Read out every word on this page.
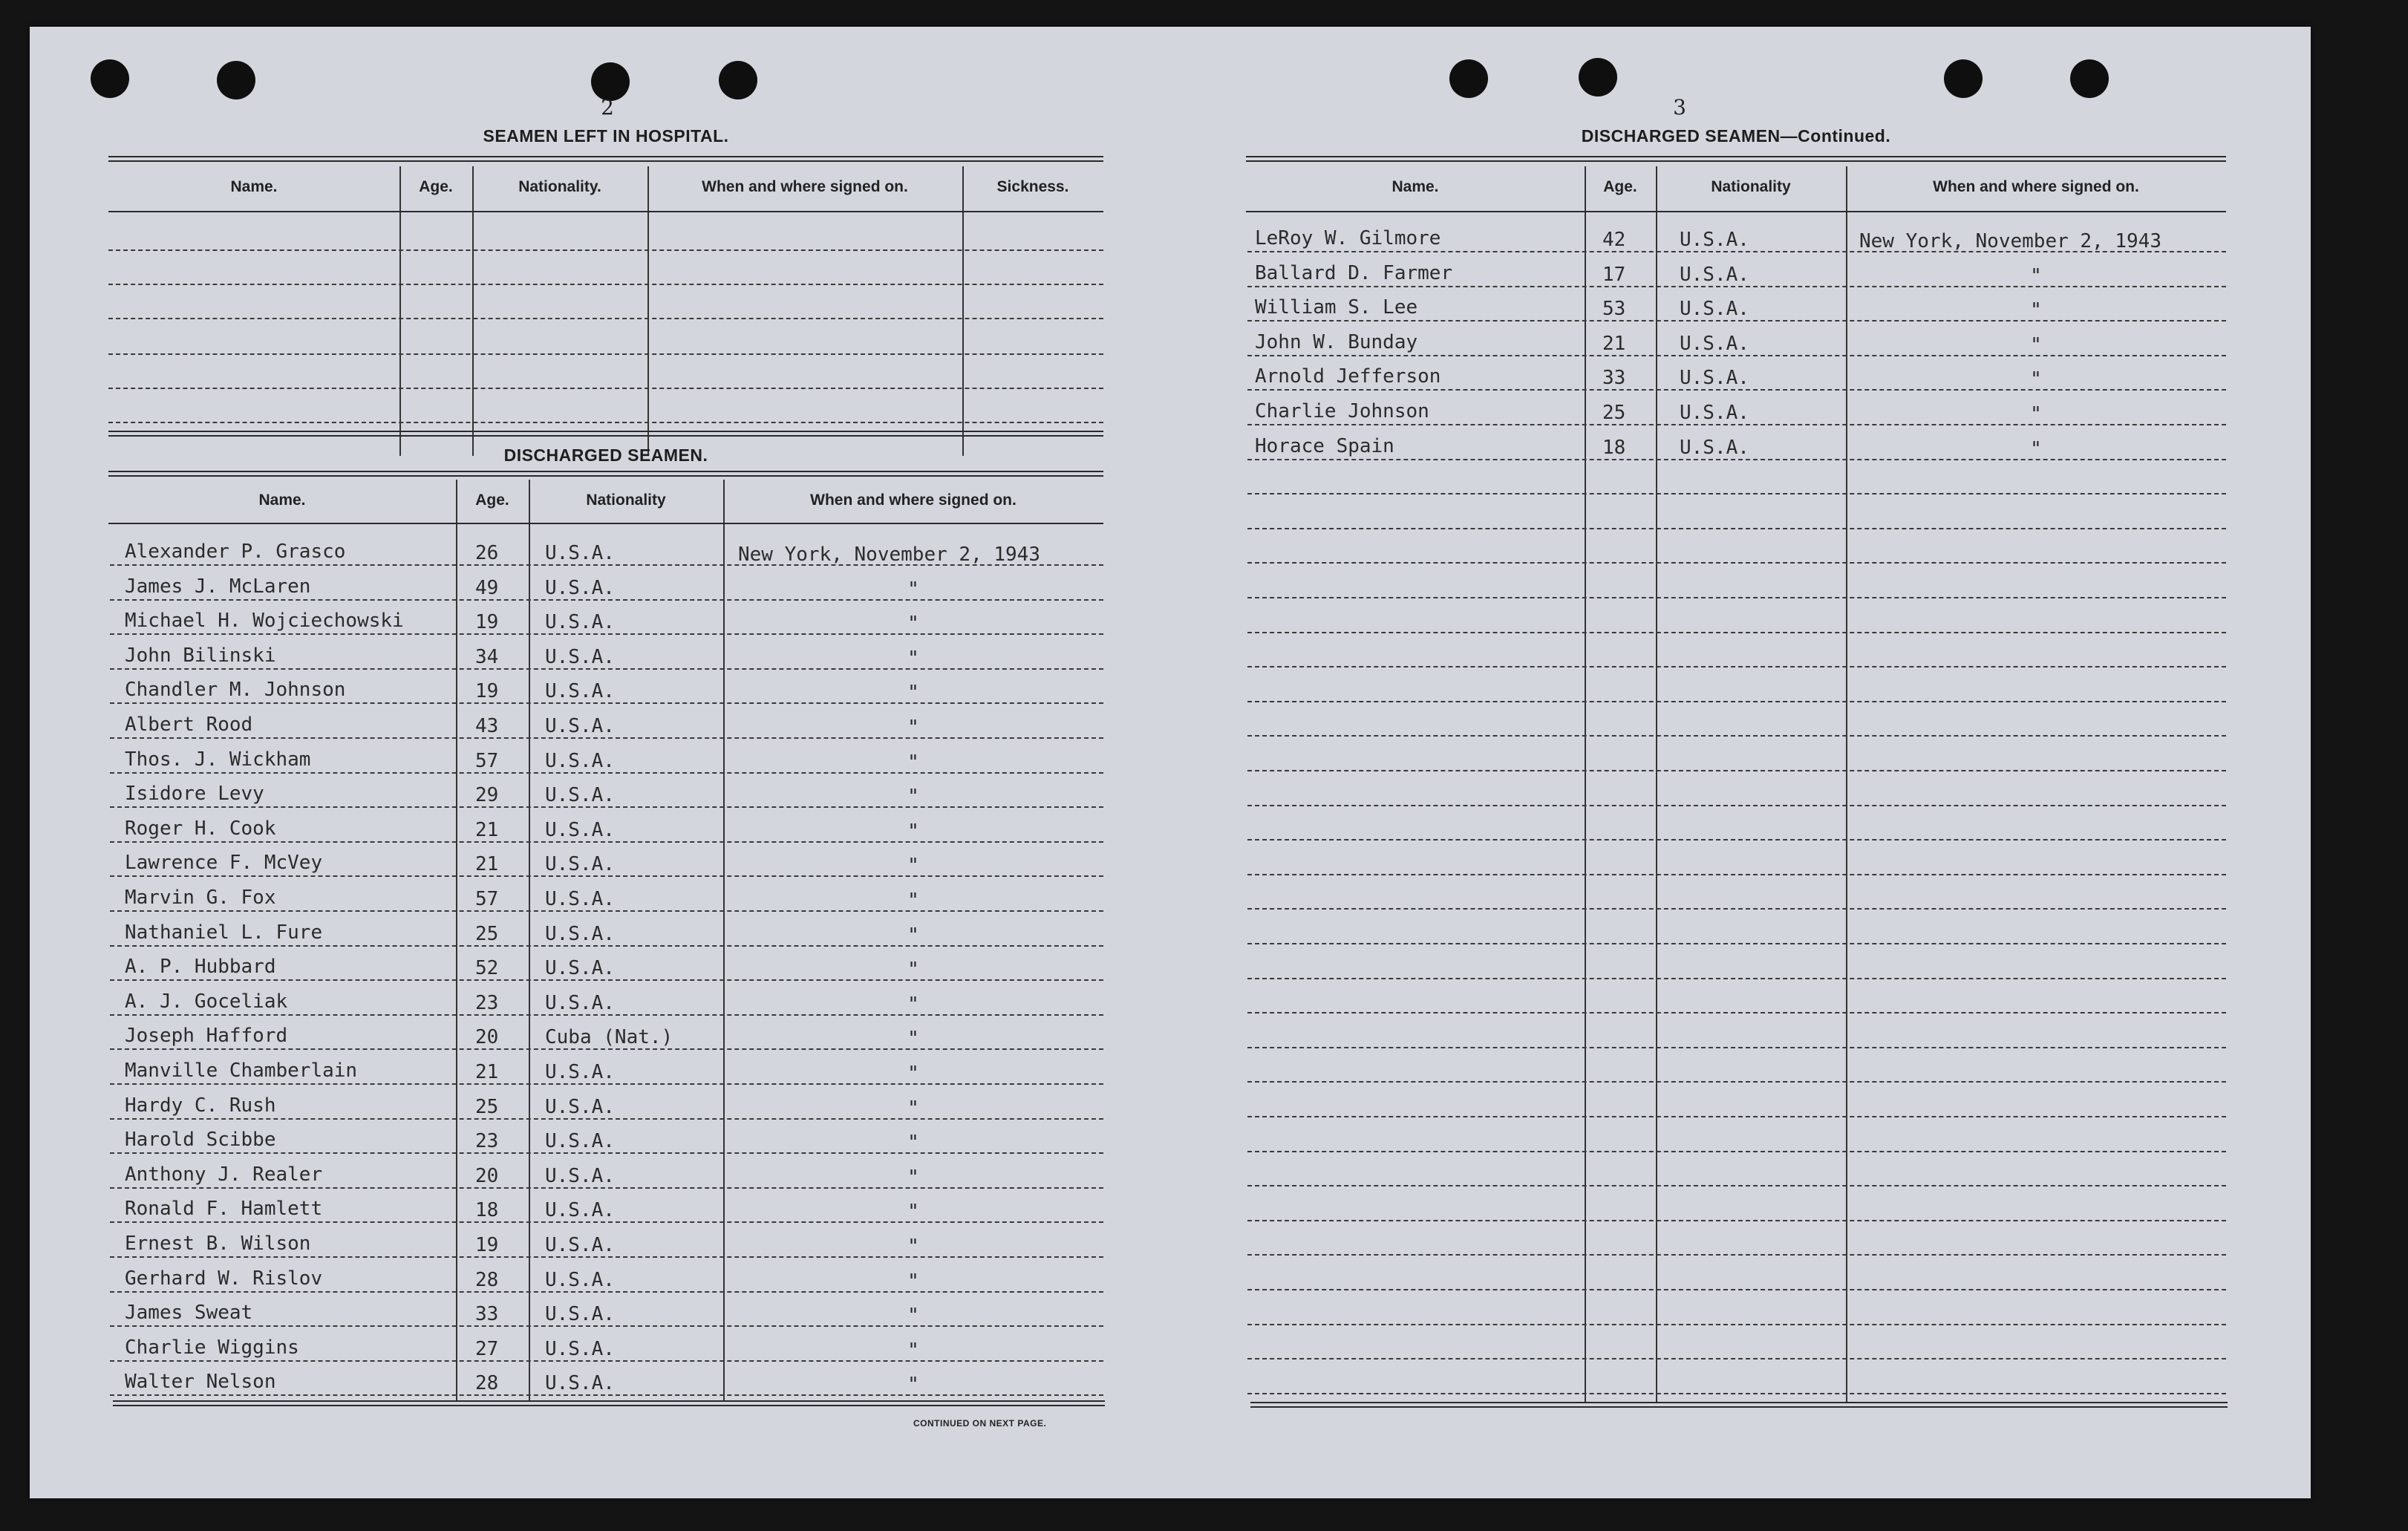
2
SEAMEN LEFT IN HOSPITAL.
Name.	Age.	Nationality.	When and where signed on.	Sickness.
DISCHARGED SEAMEN.
Name.	Age.	Nationality	When and where signed on.
Alexander P. Grasco	26 U.S.A.	New York, November 2, 1943
James J. McLaren	49 U.S.A.	"
Michael H. Wojciechowski	19 U.S.A.	"
John Bilinski	34 U.S.A.	"
Chandler M. Johnson	19 U.S.A.	"
Albert Rood	43 U.S.A.	"
Thos. J. Wickham	57 U.S.A.	"
Isidore Levy	29 U.S.A.	"
Roger H. Cook	21 U.S.A.	"
Lawrence F. McVey	21 U.S.A.	"
Marvin G. Fox	57 U.S.A.	"
Nathaniel L. Fure	25 U.S.A.	"
A. P. Hubbard	52 U.S.A.	"
A. J. Goceliak	23 U.S.A.	"
Joseph Hafford	20 Cuba (Nat.)	"
Manville Chamberlain	21 U.S.A.	"
Hardy C. Rush	25 U.S.A.	"
Harold Scibbe	23 U.S.A.	"
Anthony J. Realer	20 U.S.A.	"
Ronald F. Hamlett	18 U.S.A.	"
Ernest B. Wilson	19 U.S.A.	"
Gerhard W. Rislov	28 U.S.A.	"
James Sweat	33 U.S.A.	"
Charlie Wiggins	27 U.S.A.	"
Walter Nelson	28 U.S.A.	"
CONTINUED ON NEXT PAGE.
3
DISCHARGED SEAMEN—Continued.
Name.	Age.	Nationality	When and where signed on.
LeRoy W. Gilmore	42	U.S.A.	New York, November 2, 1943
Ballard D. Farmer	17	U.S.A.	"
William S. Lee	53	U.S.A.	"
John W. Bunday	21	U.S.A.	"
Arnold Jefferson	33	U.S.A.	"
Charlie Johnson	25	U.S.A.	"
Horace Spain	18	U.S.A.	"
